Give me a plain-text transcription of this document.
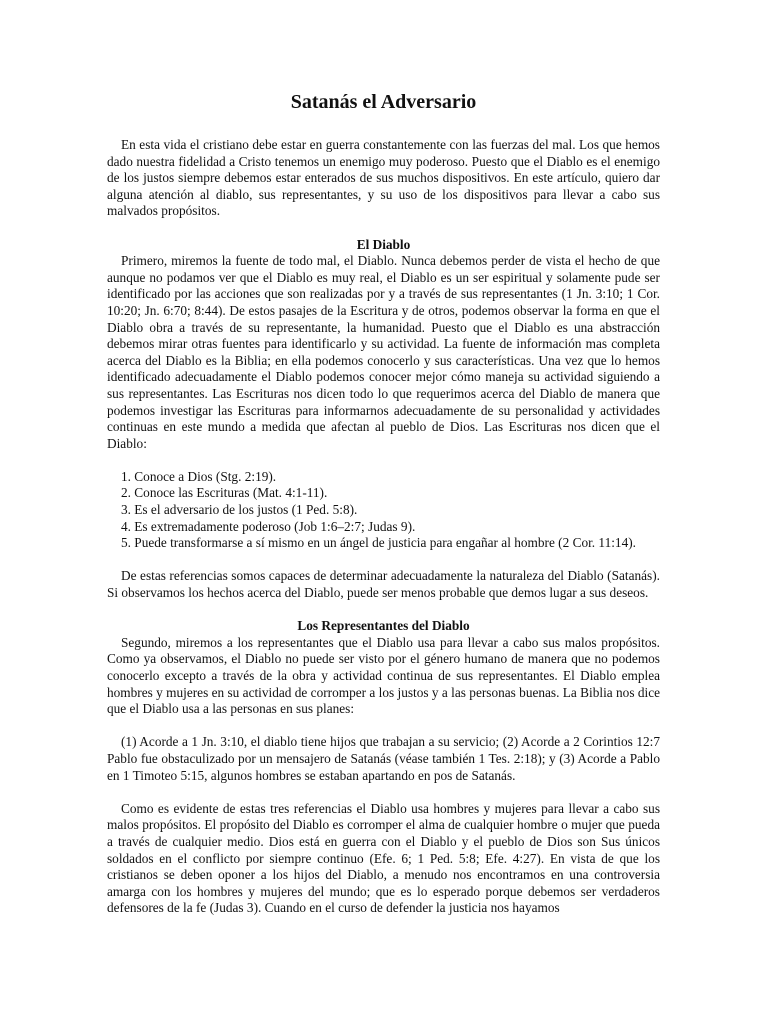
Satanás el Adversario

En esta vida el cristiano debe estar en guerra constantemente con las fuerzas del mal. Los que hemos dado nuestra fidelidad a Cristo tenemos un enemigo muy poderoso. Puesto que el Diablo es el enemigo de los justos siempre debemos estar enterados de sus muchos dispositivos. En este artículo, quiero dar alguna atención al diablo, sus representantes, y su uso de los dispositivos para llevar a cabo sus malvados propósitos.

El Diablo

Primero, miremos la fuente de todo mal, el Diablo. Nunca debemos perder de vista el hecho de que aunque no podamos ver que el Diablo es muy real, el Diablo es un ser espiritual y solamente pude ser identificado por las acciones que son realizadas por y a través de sus representantes (1 Jn. 3:10; 1 Cor. 10:20; Jn. 6:70; 8:44). De estos pasajes de la Escritura y de otros, podemos observar la forma en que el Diablo obra a través de su representante, la humanidad. Puesto que el Diablo es una abstracción debemos mirar otras fuentes para identificarlo y su actividad. La fuente de información mas completa acerca del Diablo es la Biblia; en ella podemos conocerlo y sus características. Una vez que lo hemos identificado adecuadamente el Diablo podemos conocer mejor cómo maneja su actividad siguiendo a sus representantes. Las Escrituras nos dicen todo lo que requerimos acerca del Diablo de manera que podemos investigar las Escrituras para informarnos adecuadamente de su personalidad y actividades continuas en este mundo a medida que afectan al pueblo de Dios. Las Escrituras nos dicen que el Diablo:

1. Conoce a Dios (Stg. 2:19).
2. Conoce las Escrituras (Mat. 4:1-11).
3. Es el adversario de los justos (1 Ped. 5:8).
4. Es extremadamente poderoso (Job 1:6–2:7; Judas 9).
5. Puede transformarse a sí mismo en un ángel de justicia para engañar al hombre (2 Cor. 11:14).

De estas referencias somos capaces de determinar adecuadamente la naturaleza del Diablo (Satanás). Si observamos los hechos acerca del Diablo, puede ser menos probable que demos lugar a sus deseos.

Los Representantes del Diablo

Segundo, miremos a los representantes que el Diablo usa para llevar a cabo sus malos propósitos. Como ya observamos, el Diablo no puede ser visto por el género humano de manera que no podemos conocerlo excepto a través de la obra y actividad continua de sus representantes. El Diablo emplea hombres y mujeres en su actividad de corromper a los justos y a las personas buenas. La Biblia nos dice que el Diablo usa a las personas en sus planes:

(1) Acorde a 1 Jn. 3:10, el diablo tiene hijos que trabajan a su servicio; (2) Acorde a 2 Corintios 12:7 Pablo fue obstaculizado por un mensajero de Satanás (véase también 1 Tes. 2:18); y (3) Acorde a Pablo en 1 Timoteo 5:15, algunos hombres se estaban apartando en pos de Satanás.

Como es evidente de estas tres referencias el Diablo usa hombres y mujeres para llevar a cabo sus malos propósitos. El propósito del Diablo es corromper el alma de cualquier hombre o mujer que pueda a través de cualquier medio. Dios está en guerra con el Diablo y el pueblo de Dios son Sus únicos soldados en el conflicto por siempre continuo (Efe. 6; 1 Ped. 5:8; Efe. 4:27). En vista de que los cristianos se deben oponer a los hijos del Diablo, a menudo nos encontramos en una controversia amarga con los hombres y mujeres del mundo; que es lo esperado porque debemos ser verdaderos defensores de la fe (Judas 3). Cuando en el curso de defender la justicia nos hayamos
